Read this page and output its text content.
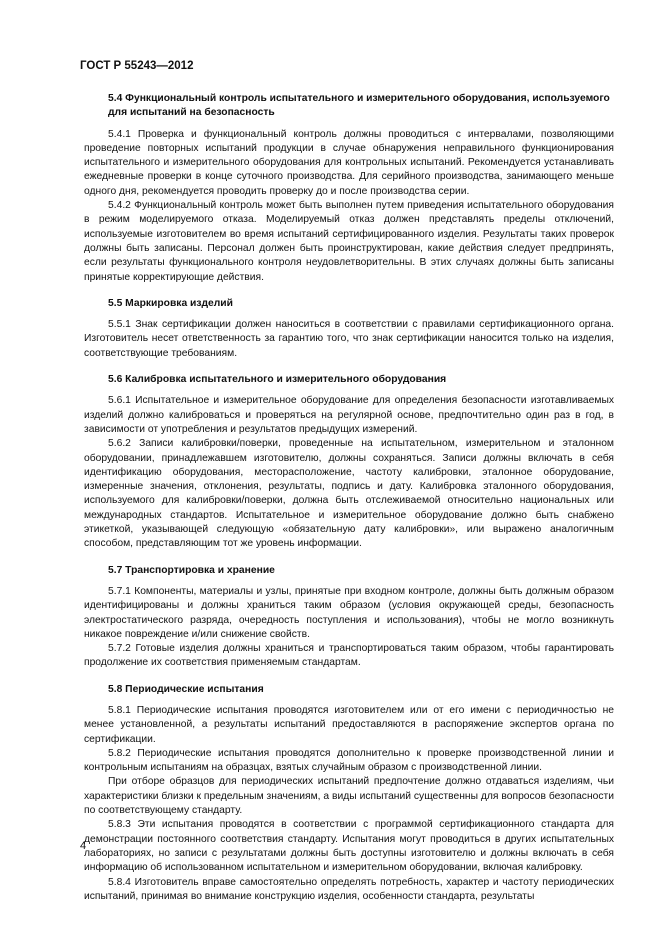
ГОСТ Р 55243—2012

5.4 Функциональный контроль испытательного и измерительного оборудования, используемого для испытаний на безопасность

5.4.1 Проверка и функциональный контроль должны проводиться с интервалами, позволяющими проведение повторных испытаний продукции в случае обнаружения неправильного функционирования испытательного и измерительного оборудования для контрольных испытаний. Рекомендуется устанавливать ежедневные проверки в конце суточного производства. Для серийного производства, занимающего меньше одного дня, рекомендуется проводить проверку до и после производства серии.

5.4.2 Функциональный контроль может быть выполнен путем приведения испытательного оборудования в режим моделируемого отказа. Моделируемый отказ должен представлять пределы отключений, используемые изготовителем во время испытаний сертифицированного изделия. Результаты таких проверок должны быть записаны. Персонал должен быть проинструктирован, какие действия следует предпринять, если результаты функционального контроля неудовлетворительны. В этих случаях должны быть записаны принятые корректирующие действия.

5.5 Маркировка изделий

5.5.1 Знак сертификации должен наноситься в соответствии с правилами сертификационного органа. Изготовитель несет ответственность за гарантию того, что знак сертификации наносится только на изделия, соответствующие требованиям.

5.6 Калибровка испытательного и измерительного оборудования

5.6.1 Испытательное и измерительное оборудование для определения безопасности изготавливаемых изделий должно калиброваться и проверяться на регулярной основе, предпочтительно один раз в год, в зависимости от употребления и результатов предыдущих измерений.

5.6.2 Записи калибровки/поверки, проведенные на испытательном, измерительном и эталонном оборудовании, принадлежавшем изготовителю, должны сохраняться. Записи должны включать в себя идентификацию оборудования, месторасположение, частоту калибровки, эталонное оборудование, измеренные значения, отклонения, результаты, подпись и дату. Калибровка эталонного оборудования, используемого для калибровки/поверки, должна быть отслеживаемой относительно национальных или международных стандартов. Испытательное и измерительное оборудование должно быть снабжено этикеткой, указывающей следующую «обязательную дату калибровки», или выражено аналогичным способом, представляющим тот же уровень информации.

5.7 Транспортировка и хранение

5.7.1 Компоненты, материалы и узлы, принятые при входном контроле, должны быть должным образом идентифицированы и должны храниться таким образом (условия окружающей среды, безопасность электростатического разряда, очередность поступления и использования), чтобы не могло возникнуть никакое повреждение и/или снижение свойств.

5.7.2 Готовые изделия должны храниться и транспортироваться таким образом, чтобы гарантировать продолжение их соответствия применяемым стандартам.

5.8 Периодические испытания

5.8.1 Периодические испытания проводятся изготовителем или от его имени с периодичностью не менее установленной, а результаты испытаний предоставляются в распоряжение экспертов органа по сертификации.

5.8.2 Периодические испытания проводятся дополнительно к проверке производственной линии и контрольным испытаниям на образцах, взятых случайным образом с производственной линии.

При отборе образцов для периодических испытаний предпочтение должно отдаваться изделиям, чьи характеристики близки к предельным значениям, а виды испытаний существенны для вопросов безопасности по соответствующему стандарту.

5.8.3 Эти испытания проводятся в соответствии с программой сертификационного стандарта для демонстрации постоянного соответствия стандарту. Испытания могут проводиться в других испытательных лабораториях, но записи с результатами должны быть доступны изготовителю и должны включать в себя информацию об использованном испытательном и измерительном оборудовании, включая калибровку.

5.8.4 Изготовитель вправе самостоятельно определять потребность, характер и частоту периодических испытаний, принимая во внимание конструкцию изделия, особенности стандарта, результаты

4
